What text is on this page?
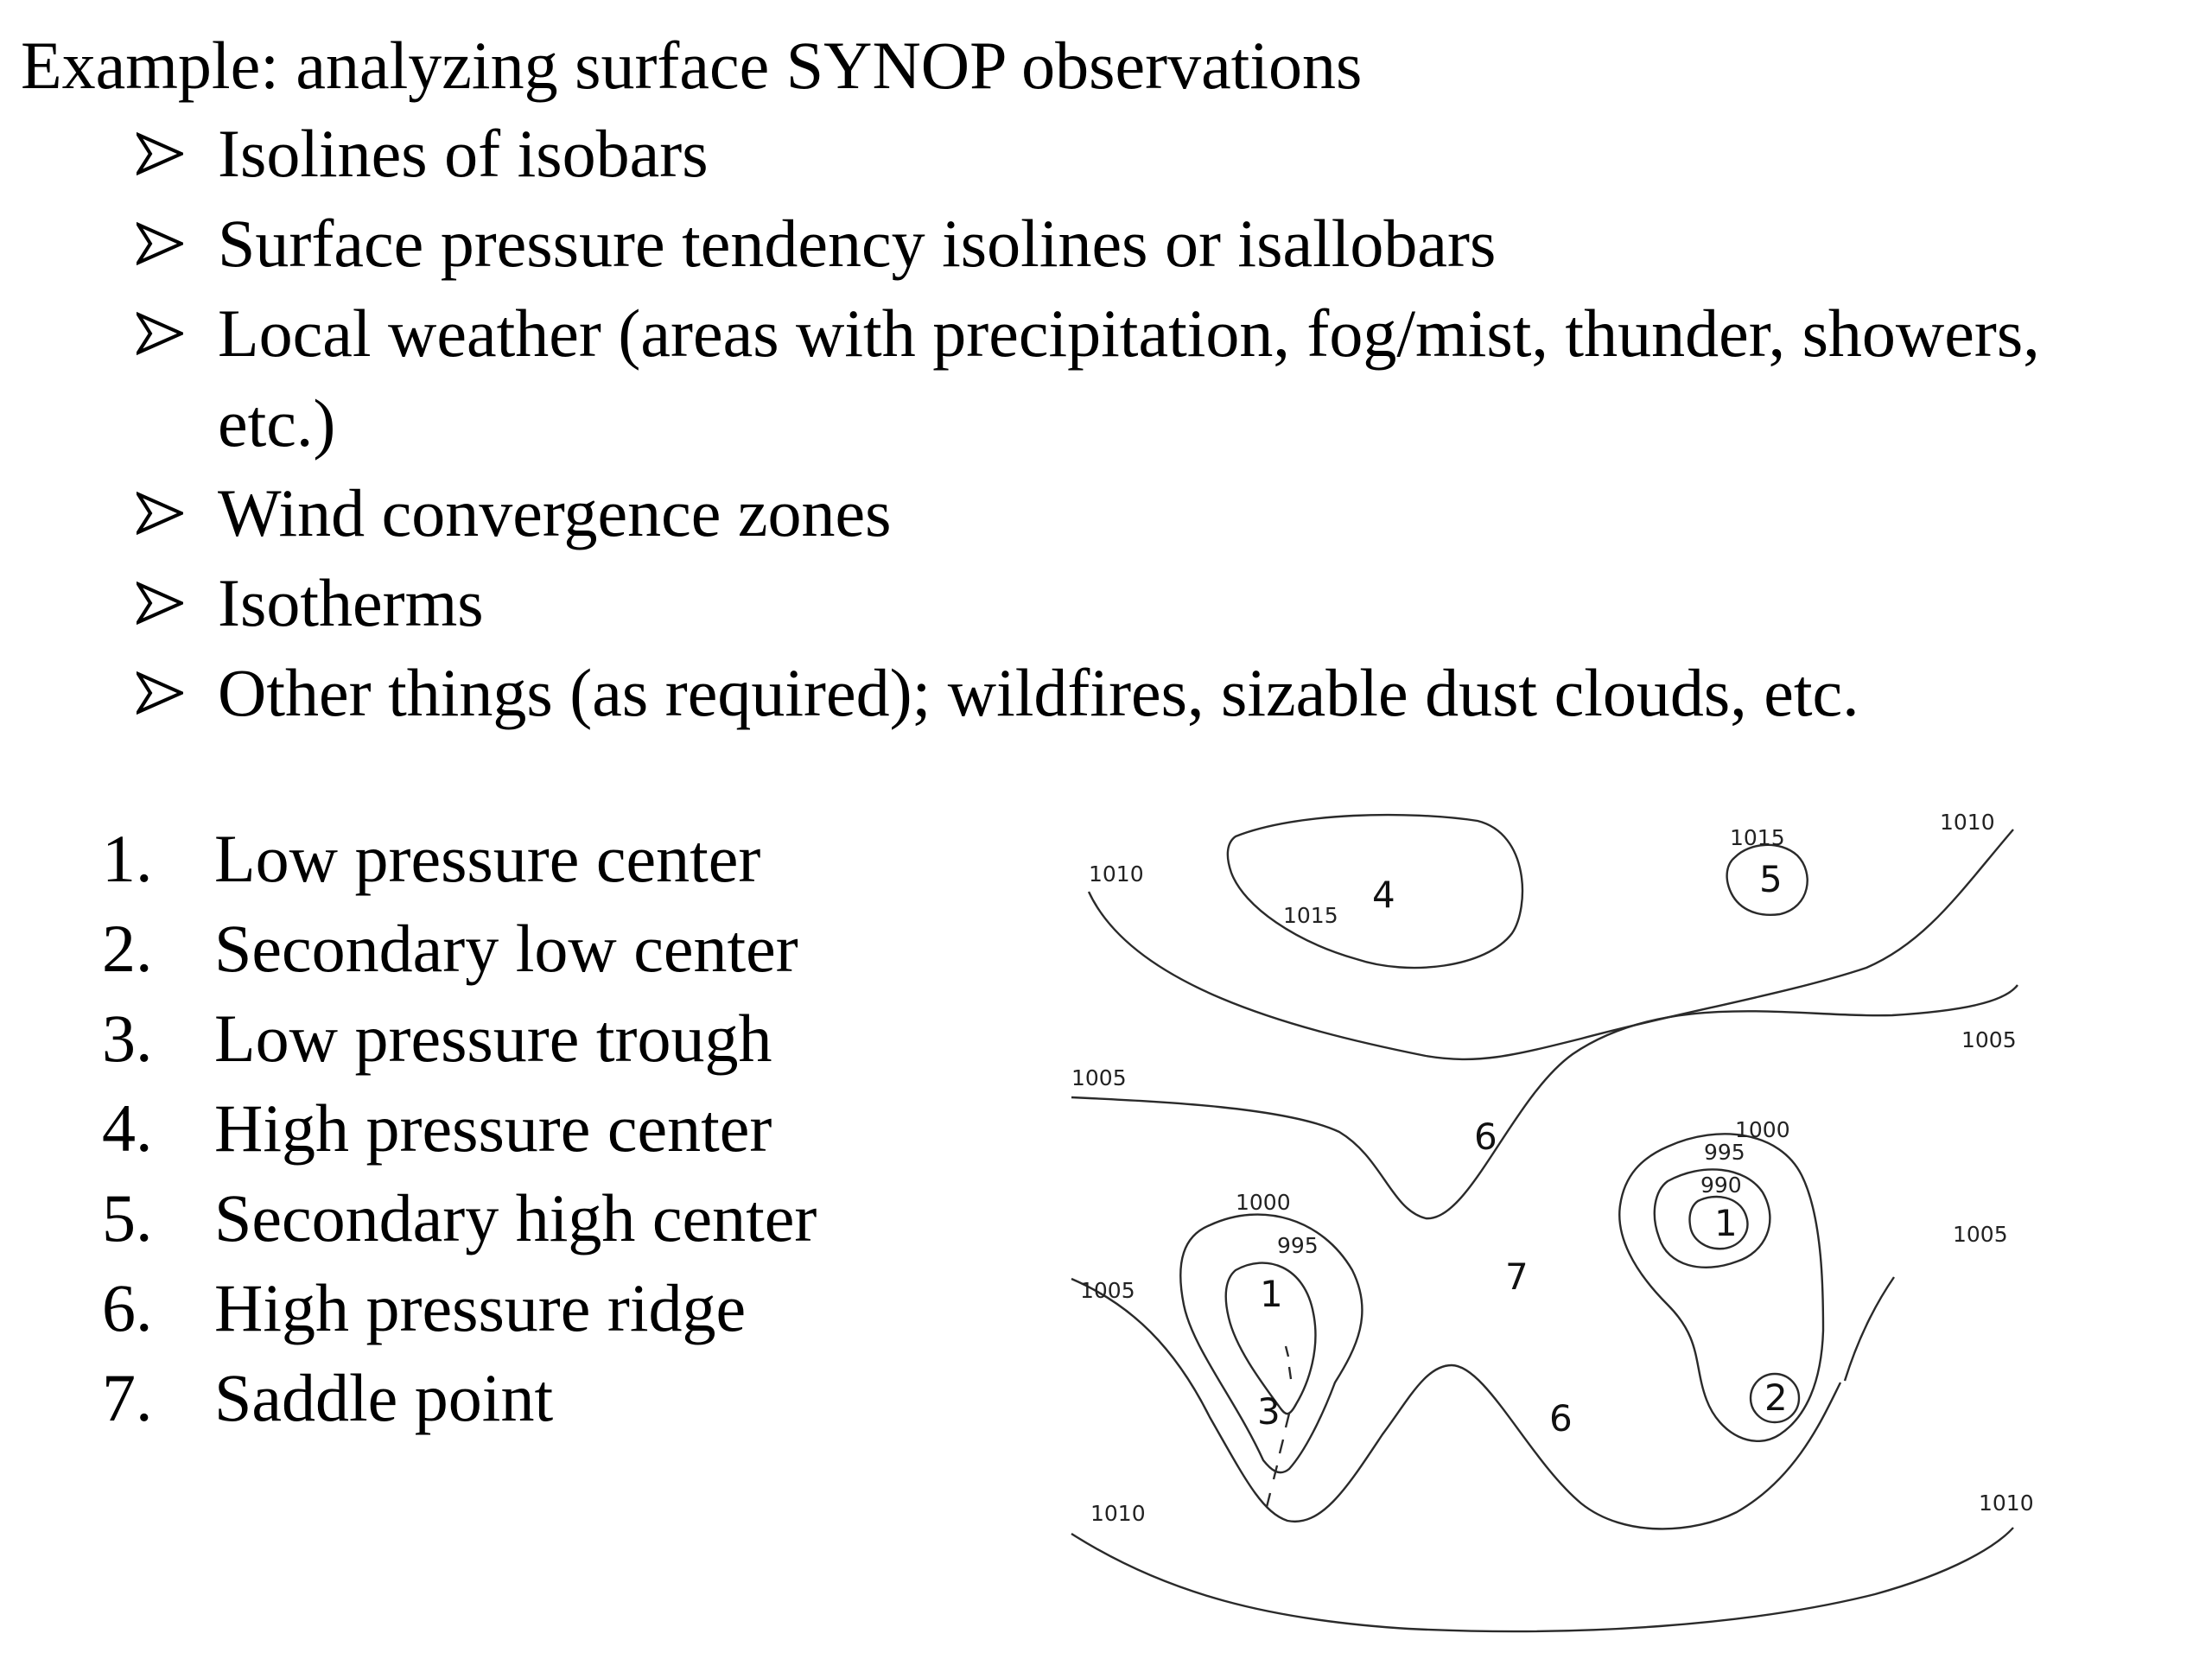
Example: analyzing surface SYNOP observations
Isolines of isobars
Surface pressure tendency isolines or isallobars
Local weather (areas with precipitation, fog/mist, thunder, showers, etc.)
Wind convergence zones
Isotherms
Other things (as required); wildfires, sizable dust clouds, etc.
1. Low pressure center
2. Secondary low center
3. Low pressure trough
4. High pressure center
5. Secondary high center
6. High pressure ridge
7. Saddle point
1010
1015
1015
1010
1005
1005
1000
995
990
1000
995
1005
1005
1010	1010
4	5
6
7
1
1
2
3	6
